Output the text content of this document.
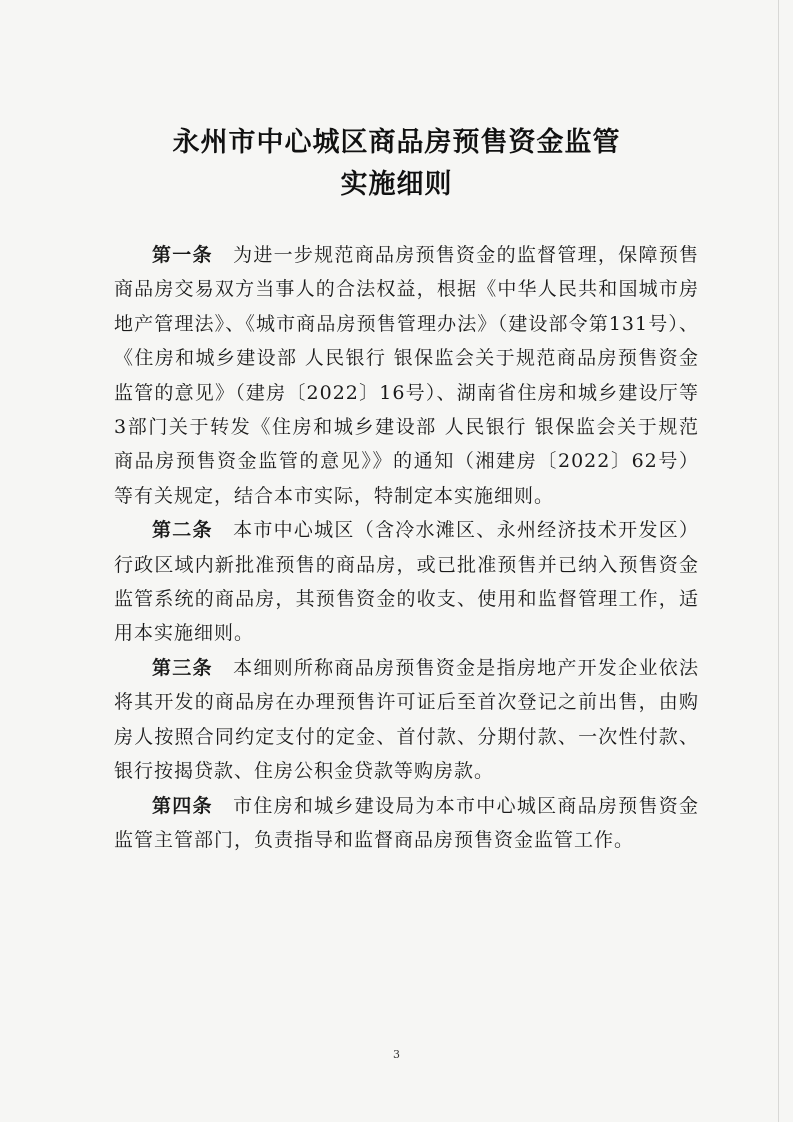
永州市中心城区商品房预售资金监管
实施细则

第一条  为进一步规范商品房预售资金的监督管理，保障预售商品房交易双方当事人的合法权益，根据《中华人民共和国城市房地产管理法》、《城市商品房预售管理办法》（建设部令第131号）、《住房和城乡建设部 人民银行 银保监会关于规范商品房预售资金监管的意见》（建房〔2022〕16号）、湖南省住房和城乡建设厅等3部门关于转发《住房和城乡建设部 人民银行 银保监会关于规范商品房预售资金监管的意见》》的通知（湘建房〔2022〕62号）等有关规定，结合本市实际，特制定本实施细则。

第二条  本市中心城区（含冷水滩区、永州经济技术开发区）行政区域内新批准预售的商品房，或已批准预售并已纳入预售资金监管系统的商品房，其预售资金的收支、使用和监督管理工作，适用本实施细则。

第三条  本细则所称商品房预售资金是指房地产开发企业依法将其开发的商品房在办理预售许可证后至首次登记之前出售，由购房人按照合同约定支付的定金、首付款、分期付款、一次性付款、银行按揭贷款、住房公积金贷款等购房款。

第四条  市住房和城乡建设局为本市中心城区商品房预售资金监管主管部门，负责指导和监督商品房预售资金监管工作。

3
